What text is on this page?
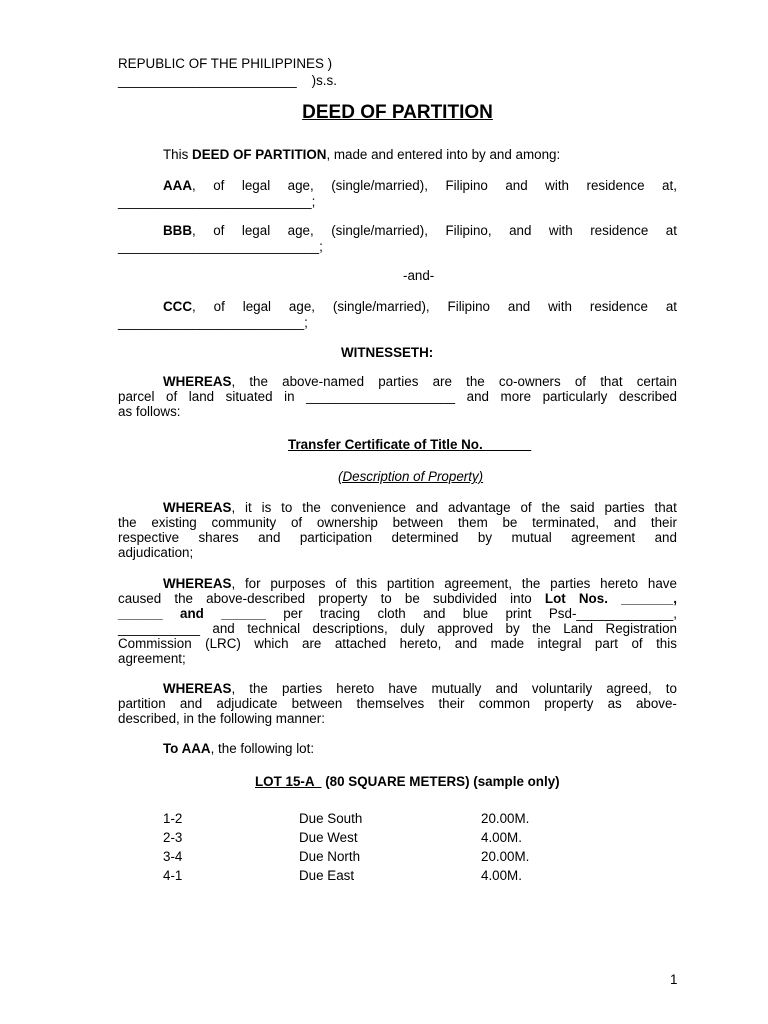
REPUBLIC OF THE PHILIPPINES )
________________________ )s.s.
DEED OF PARTITION
This DEED OF PARTITION, made and entered into by and among:
AAA, of legal age, (single/married), Filipino and with residence at,
__________________________;
BBB, of legal age, (single/married), Filipino, and with residence at
___________________________;
-and-
CCC, of legal age, (single/married), Filipino and with residence at
_________________________;
WITNESSETH:
WHEREAS, the above-named parties are the co-owners of that certain
parcel of land situated in ____________________ and more particularly described
as follows:
Transfer Certificate of Title No. ______
(Description of Property)
WHEREAS, it is to the convenience and advantage of the said parties that
the existing community of ownership between them be terminated, and their
respective shares and participation determined by mutual agreement and
adjudication;
WHEREAS, for purposes of this partition agreement, the parties hereto have
caused the above-described property to be subdivided into Lot Nos. _______,
______ and ______ per tracing cloth and blue print Psd-_____________,
___________ and technical descriptions, duly approved by the Land Registration
Commission (LRC) which are attached hereto, and made integral part of this
agreement;
WHEREAS, the parties hereto have mutually and voluntarily agreed, to
partition and adjudicate between themselves their common property as above-
described, in the following manner:
To AAA, the following lot:
LOT 15-A (80 SQUARE METERS) (sample only)
1-2	Due South	20.00M.
2-3	Due West	4.00M.
3-4	Due North	20.00M.
4-1	Due East	4.00M.
1
